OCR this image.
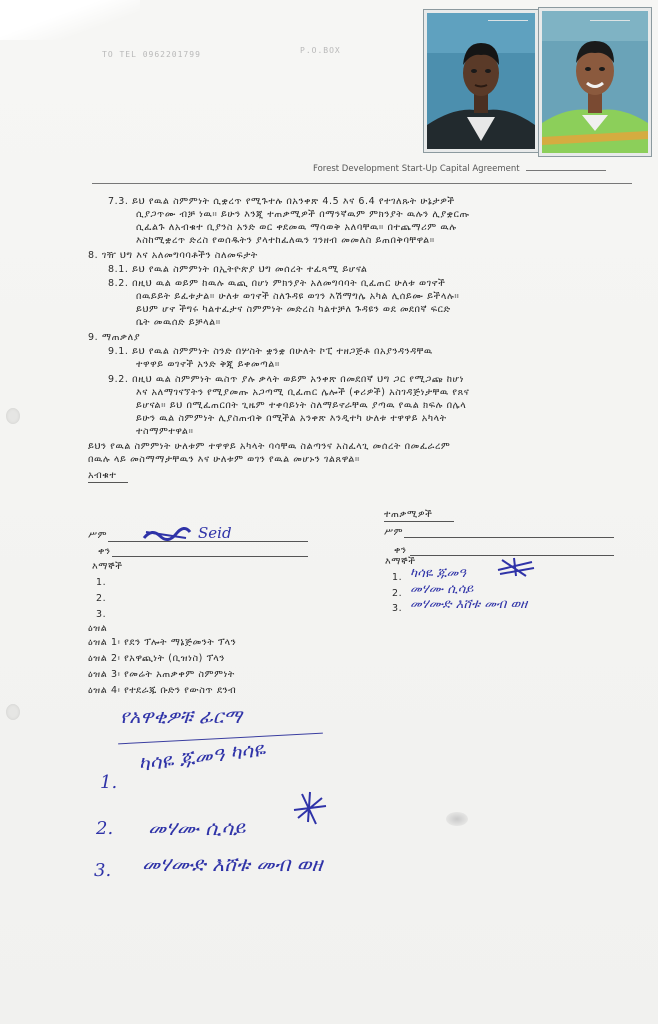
TO TEL 0962201799	P.O.BOX
Forest Development Start-Up Capital Agreement
7.3. ይህ የዉል ስምምነት ሲቋረጥ የሚጉተሉ በአንቀጽ 4.5 እና 6.4 የተገለጹት ሁኔታዎች
ሲያጋጥሙ ብቻ ነዉ። ይሁን እንጂ ተጠቃሚዎች በማንኛዉም ምክንያት ዉሉን ሊያቋርጡ
ሲፈልጉ ለአብቁተ ቢያንስ አንድ ወር ቀደመዉ ማሳወቅ አለባቸዉ። በተጨማሪም ዉሉ
እስከሚቋረጥ ድረስ የወሰዱትን ያላተከፈለዉን ገንዘብ መመለስ ይጠበቅባቸዋል።
8. ገዥ ህግ እና አለመግባባቶችን ስለመፍታት
8.1. ይህ የዉል ስምምነት በኢትዮጵያ ህግ መሰረት ተፈጻሚ ይሆናል
8.2. በዚህ ዉል ወይም ከዉሉ ዉጪ በሆነ ምክንያት አለመግባባት ቢፈጠር ሁለቱ ወገኖች
በዉይይት ይፈቱታል። ሁለቱ ወገኖች ስለጉዳዩ ወገን እሽማግሌ አካል ሊሰይሙ ይችላሉ።
ይህም ሆኖ ችግሩ ካልተፈታና ስምምነት መድረስ ካልተቻለ ጉዳዩን ወደ መደበኛ ፍርድ
ቤት መዉሰድ ይቻላል።
9. ማጠቃለያ
9.1. ይህ የዉል ስምምነት ስንድ በሦስት ቋንቋ በሁለት ኮፒ ተዘጋጅቶ በአያንዳንዳቸዉ
ተዋዋይ ወገኖች አንድ ቅጂ ይቀመጣል።
9.2. በዚህ ዉል ስምምነት ዉስጥ ያሉ ቃላት ወይም አንቀጽ በመደበኛ ህግ ጋር የሚጋጩ ከሆነ
እና አለማገናኘትን የሚያመጡ አጋጣሚ ቢፈጠር ሌሎች (ቀሪዎች) አስገዳጅነታቸዉ የጸና
ይሆናል። ይህ በሚፈጠርበት ጊዜም ተቀባይነት ስለማይኖራቸዉ ያጣዉ የዉል ክፍሉ በሌላ
ይሁን ዉል ስምምነት ሊያስጠብቅ በሚችል አንቀጽ እንዲተካ ሁለቱ ተዋዋይ አካላት
ተስማምተዋል።
ይህን የዉል ስምምነት ሁለቱም ተዋዋይ አካላት ባሳቸዉ ስልጣንና አስፈላጊ መሰረት በመፈራረም
በዉሉ ላይ መስማማታቸዉን እና ሁለቱም ወገን የዉል መሆኑን ገልጸዋል።
አብቁተ
ሥም	Seid
ቀን
እማኞች
1.
2.
3.
ተጠቃሚዎች
ሥም
ቀን
እማኞች
1. ካሳዬ ጁመዓ
2. መሃሙ ሲሳይ
3. መሃሙድ እሸቱ መብ ወዘ
ዕዝል
ዕዝል 1፡ የደን ፕሎት ማኔጅመንት ፕላን
ዕዝል 2፡ የአዋጪነት (ቢዝነስ) ፕላን
ዕዝል 3፡ የመሬት አጠቃቀም ስምምነት
ዕዝል 4፡ የተደራጁ ቡድን የውስጥ ደንብ
የአዋቂዎቹ ፊርማ
1.
ካሳዬ ጁመዓ ካሳዬ
2. መሃሙ ሲሳይ
3. መሃሙድ እሸቱ መብ ወዘ
